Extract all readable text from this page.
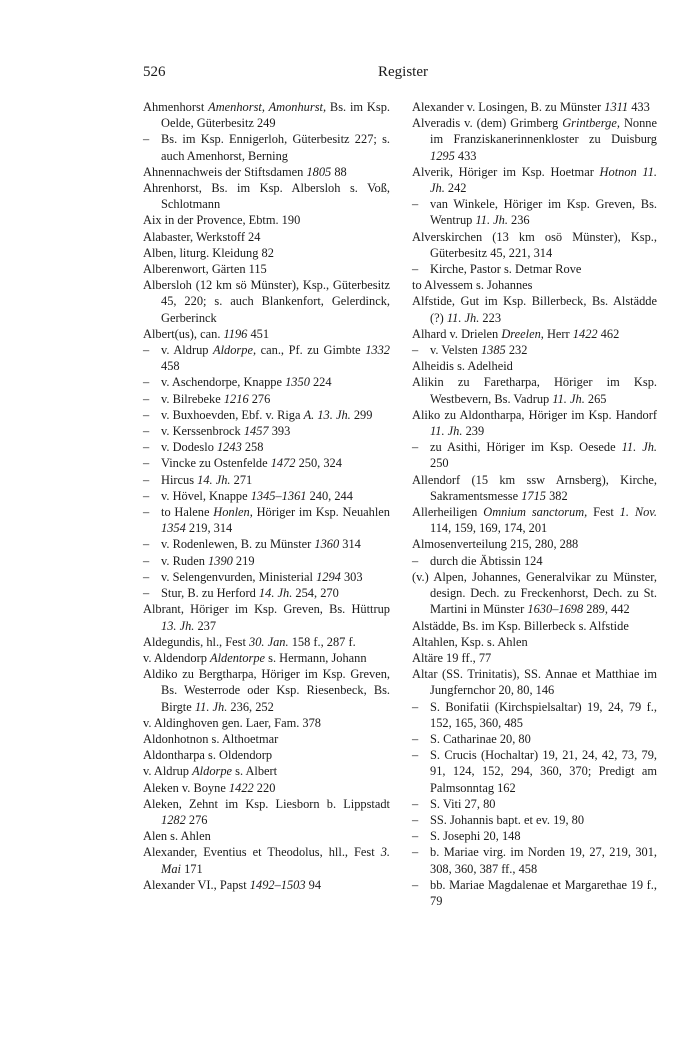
526	Register

Ahmenhorst Amenhorst, Amonhurst, Bs. im Ksp. Oelde, Güterbesitz 249

– Bs. im Ksp. Ennigerloh, Güterbesitz 227; s. auch Amenhorst, Berning

Ahnennachweis der Stiftsdamen 1805 88

Ahrenhorst, Bs. im Ksp. Albersloh s. Voß, Schlotmann

Aix in der Provence, Ebtm. 190

Alabaster, Werkstoff 24

Alben, liturg. Kleidung 82

Alberenwort, Gärten 115

Albersloh (12 km sö Münster), Ksp., Güterbesitz 45, 220; s. auch Blankenfort, Gelerdinck, Gerberinck

Albert(us), can. 1196 451

– v. Aldrup Aldorpe, can., Pf. zu Gimbte 1332 458

– v. Aschendorpe, Knappe 1350 224

– v. Bilrebeke 1216 276

– v. Buxhoevden, Ebf. v. Riga A. 13. Jh. 299

– v. Kerssenbrock 1457 393

– v. Dodeslo 1243 258

– Vincke zu Ostenfelde 1472 250, 324

– Hircus 14. Jh. 271

– v. Hövel, Knappe 1345–1361 240, 244

– to Halene Honlen, Höriger im Ksp. Neuahlen 1354 219, 314

– v. Rodenlewen, B. zu Münster 1360 314

– v. Ruden 1390 219

– v. Selengenvurden, Ministerial 1294 303

– Stur, B. zu Herford 14. Jh. 254, 270

Albrant, Höriger im Ksp. Greven, Bs. Hüttrup 13. Jh. 237

Aldegundis, hl., Fest 30. Jan. 158 f., 287 f.

v. Aldendorp Aldentorpe s. Hermann, Johann

Aldiko zu Bergtharpa, Höriger im Ksp. Greven, Bs. Westerrode oder Ksp. Riesenbeck, Bs. Birgte 11. Jh. 236, 252

v. Aldinghoven gen. Laer, Fam. 378

Aldonhotnon s. Althoetmar

Aldontharpa s. Oldendorp

v. Aldrup Aldorpe s. Albert

Aleken v. Boyne 1422 220

Aleken, Zehnt im Ksp. Liesborn b. Lippstadt 1282 276

Alen s. Ahlen

Alexander, Eventius et Theodolus, hll., Fest 3. Mai 171

Alexander VI., Papst 1492–1503 94

Alexander v. Losingen, B. zu Münster 1311 433

Alveradis v. (dem) Grimberg Grintberge, Nonne im Franziskanerinnenkloster zu Duisburg 1295 433

Alverik, Höriger im Ksp. Hoetmar Hotnon 11. Jh. 242

– van Winkele, Höriger im Ksp. Greven, Bs. Wentrup 11. Jh. 236

Alverskirchen (13 km osö Münster), Ksp., Güterbesitz 45, 221, 314

– Kirche, Pastor s. Detmar Rove

to Alvessem s. Johannes

Alfstide, Gut im Ksp. Billerbeck, Bs. Alstädde (?) 11. Jh. 223

Alhard v. Drielen Dreelen, Herr 1422 462

– v. Velsten 1385 232

Alheidis s. Adelheid

Alikin zu Faretharpa, Höriger im Ksp. Westbevern, Bs. Vadrup 11. Jh. 265

Aliko zu Aldontharpa, Höriger im Ksp. Handorf 11. Jh. 239

– zu Asithi, Höriger im Ksp. Oesede 11. Jh. 250

Allendorf (15 km ssw Arnsberg), Kirche, Sakramentsmesse 1715 382

Allerheiligen Omnium sanctorum, Fest 1. Nov. 114, 159, 169, 174, 201

Almosenverteilung 215, 280, 288

– durch die Äbtissin 124

(v.) Alpen, Johannes, Generalvikar zu Münster, design. Dech. zu Freckenhorst, Dech. zu St. Martini in Münster 1630–1698 289, 442

Alstädde, Bs. im Ksp. Billerbeck s. Alfstide

Altahlen, Ksp. s. Ahlen

Altäre 19 ff., 77

Altar (SS. Trinitatis), SS. Annae et Matthiae im Jungfernchor 20, 80, 146

– S. Bonifatii (Kirchspielsaltar) 19, 24, 79 f., 152, 165, 360, 485

– S. Catharinae 20, 80

– S. Crucis (Hochaltar) 19, 21, 24, 42, 73, 79, 91, 124, 152, 294, 360, 370; Predigt am Palmsonntag 162

– S. Viti 27, 80

– SS. Johannis bapt. et ev. 19, 80

– S. Josephi 20, 148

– b. Mariae virg. im Norden 19, 27, 219, 301, 308, 360, 387 ff., 458

– bb. Mariae Magdalenae et Margarethae 19 f., 79
